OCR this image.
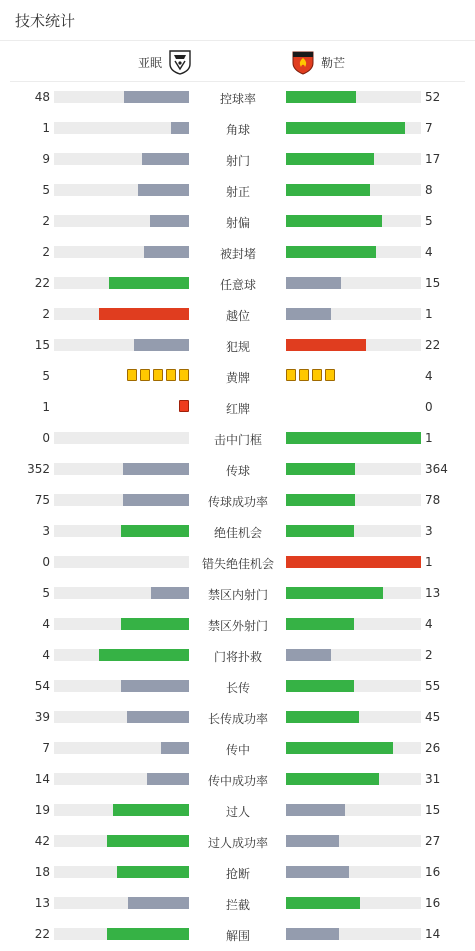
技术统计
亚眠	勒芒
48	控球率	52
1	角球	7
9	射门	17
5	射正	8
2	射偏	5
2	被封堵	4
22	任意球	15
2	越位	1
15	犯规	22
5	黄牌	4
1	红牌	0
0	击中门框	1
352	传球	364
75	传球成功率	78
3	绝佳机会	3
0	错失绝佳机会	1
5	禁区内射门	13
4	禁区外射门	4
4	门将扑救	2
54	长传	55
39	长传成功率	45
7	传中	26
14	传中成功率	31
19	过人	15
42	过人成功率	27
18	抢断	16
13	拦截	16
22	解围	14
